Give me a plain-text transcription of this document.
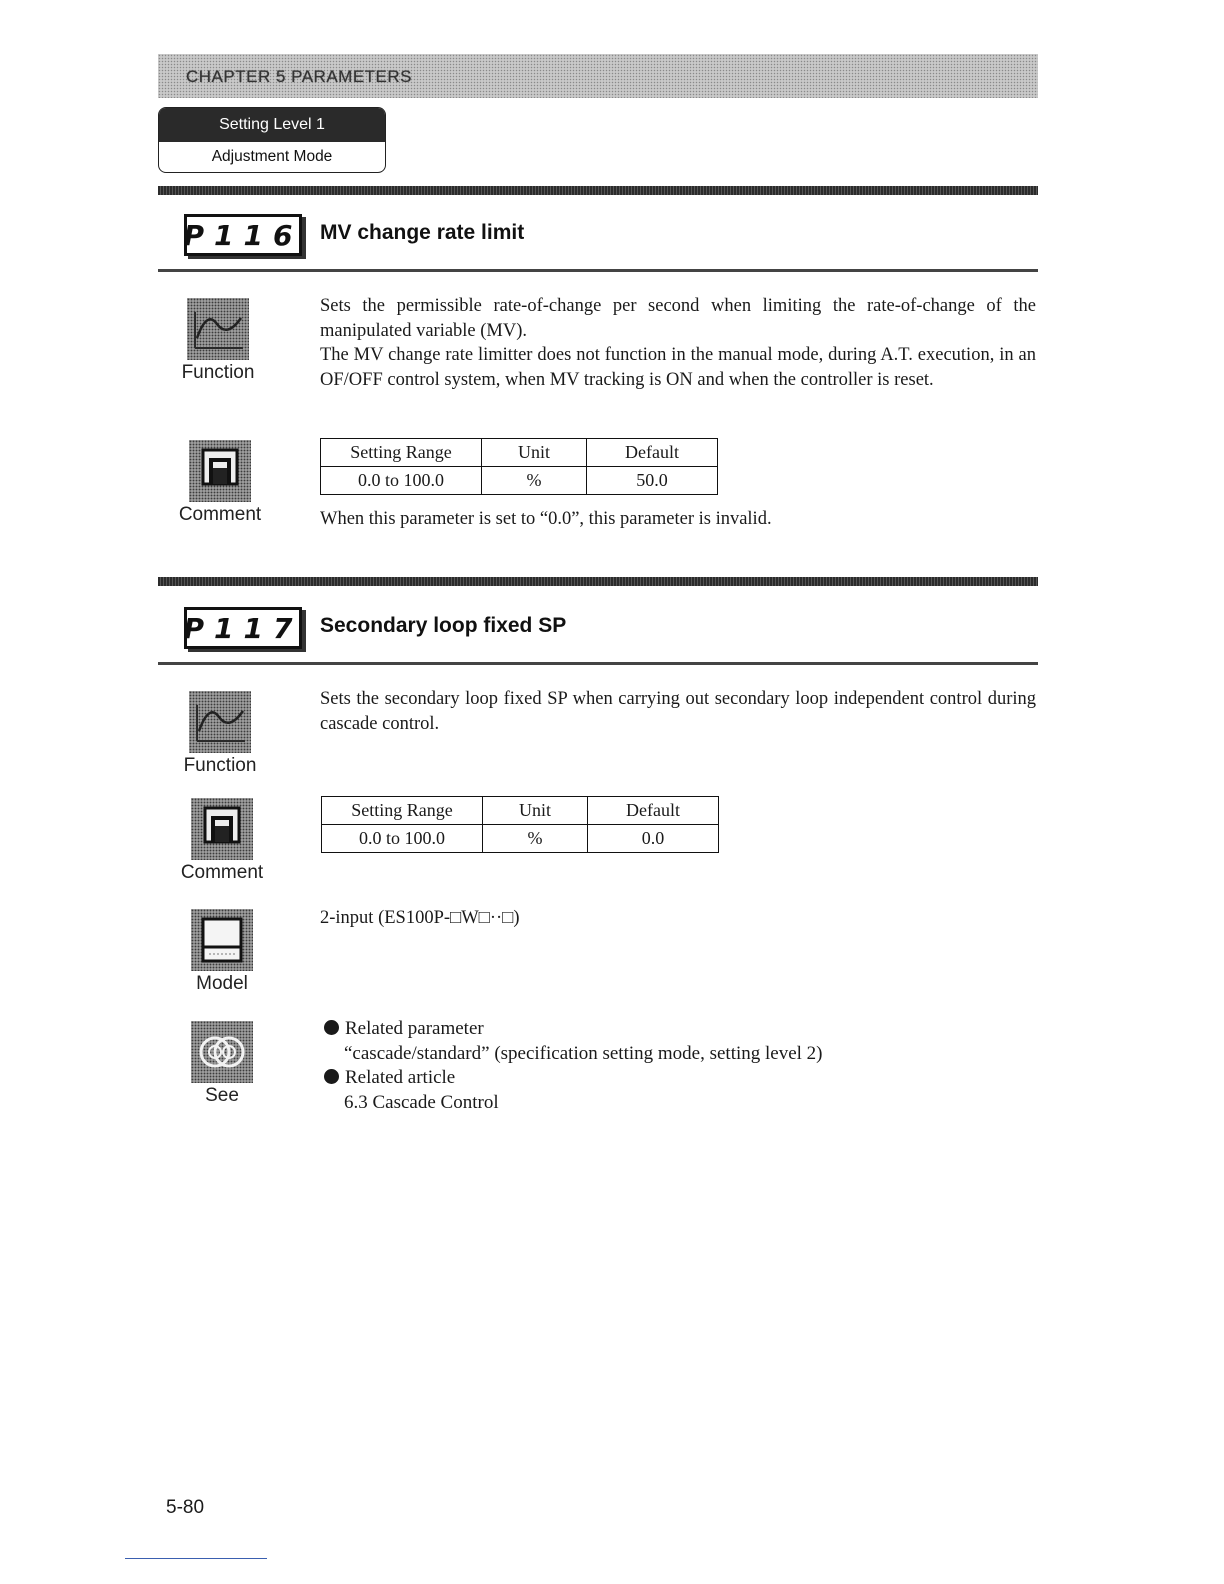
CHAPTER 5 PARAMETERS
Setting Level 1
Adjustment Mode
P 116 MV change rate limit
Function
Sets the permissible rate-of-change per second when limiting the rate-of-change of the manipulated variable (MV).
The MV change rate limitter does not function in the manual mode, during A.T. execution, in an OF/OFF control system, when MV tracking is ON and when the controller is reset.
Comment
Setting Range	Unit	Default
0.0 to 100.0	%	50.0
When this parameter is set to “0.0”, this parameter is invalid.
P 117 Secondary loop fixed SP
Function
Sets the secondary loop fixed SP when carrying out secondary loop independent control during cascade control.
Comment
Setting Range	Unit	Default
0.0 to 100.0	%	0.0
Model
2-input (ES100P-□W□··□)
See
Related parameter
“cascade/standard” (specification setting mode, setting level 2)
Related article
6.3 Cascade Control
5-80
